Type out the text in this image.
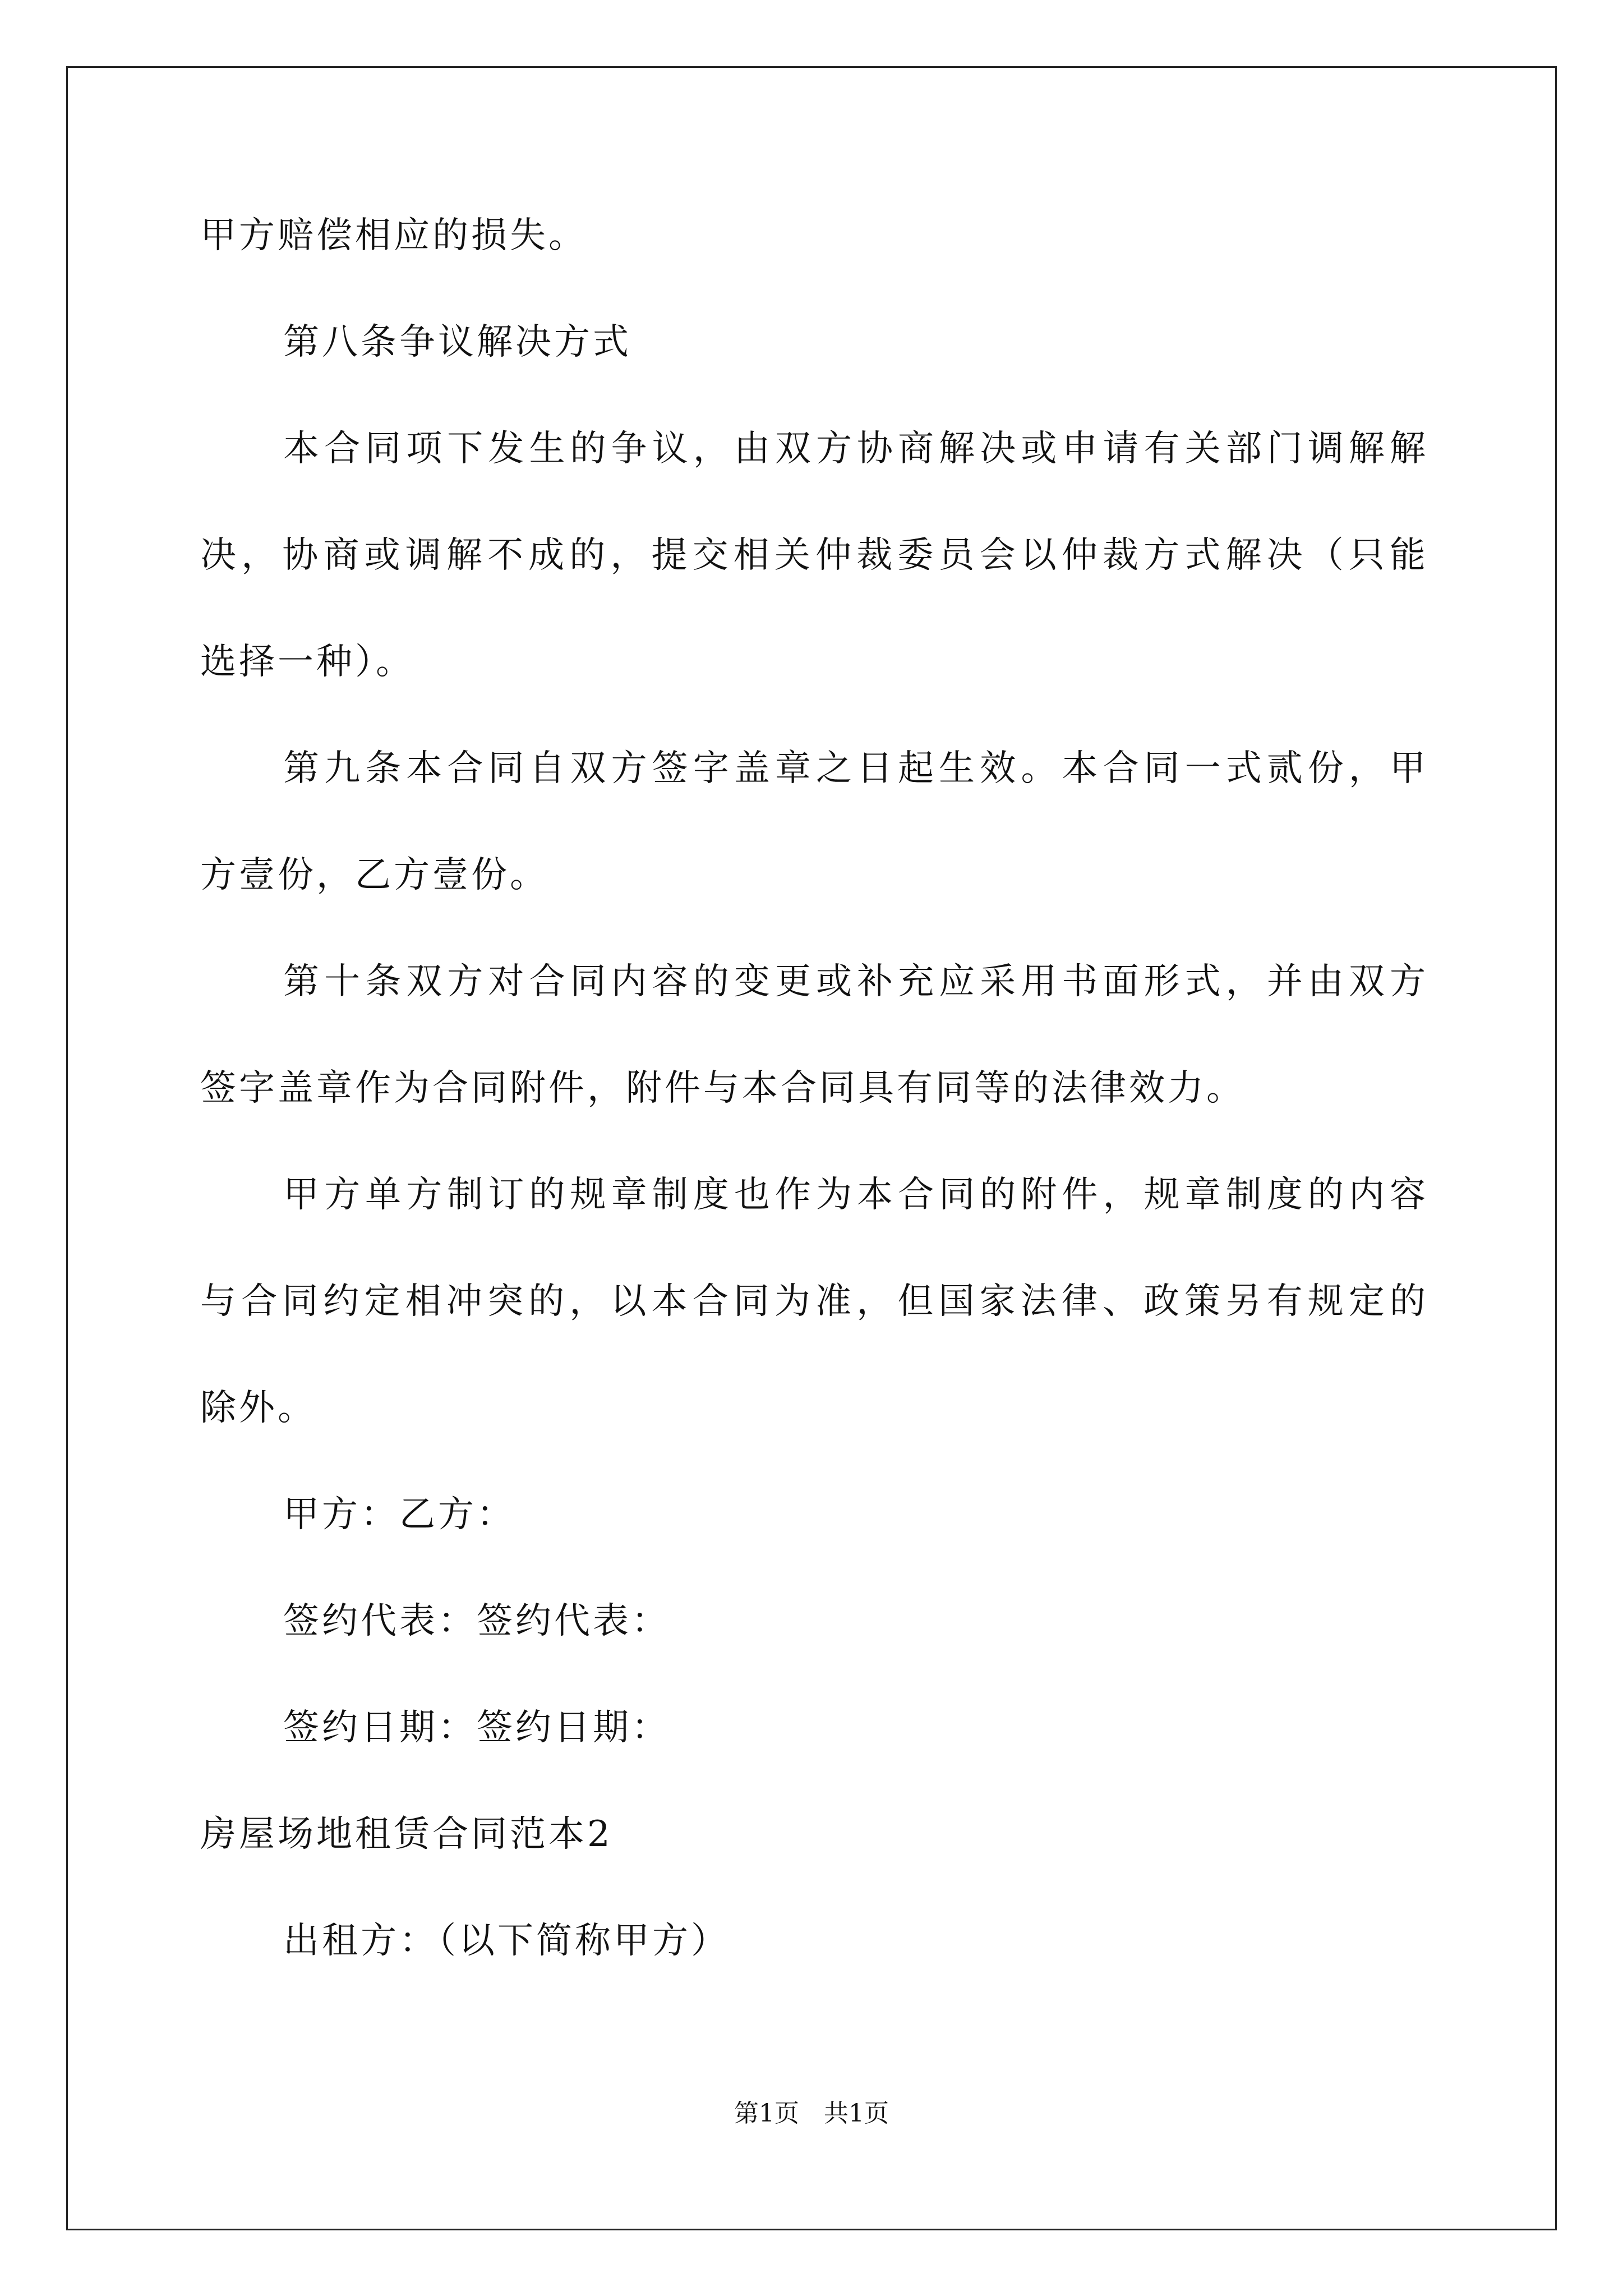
甲方赔偿相应的损失。
第八条争议解决方式
本合同项下发生的争议，由双方协商解决或申请有关部门调解解
决，协商或调解不成的，提交相关仲裁委员会以仲裁方式解决（只能
选择一种）。
第九条本合同自双方签字盖章之日起生效。本合同一式贰份，甲
方壹份，乙方壹份。
第十条双方对合同内容的变更或补充应采用书面形式，并由双方
签字盖章作为合同附件，附件与本合同具有同等的法律效力。
甲方单方制订的规章制度也作为本合同的附件，规章制度的内容
与合同约定相冲突的，以本合同为准，但国家法律、政策另有规定的
除外。
甲方：乙方：
签约代表：签约代表：
签约日期：签约日期：
房屋场地租赁合同范本2
出租方：（以下简称甲方）
第1页　共1页
